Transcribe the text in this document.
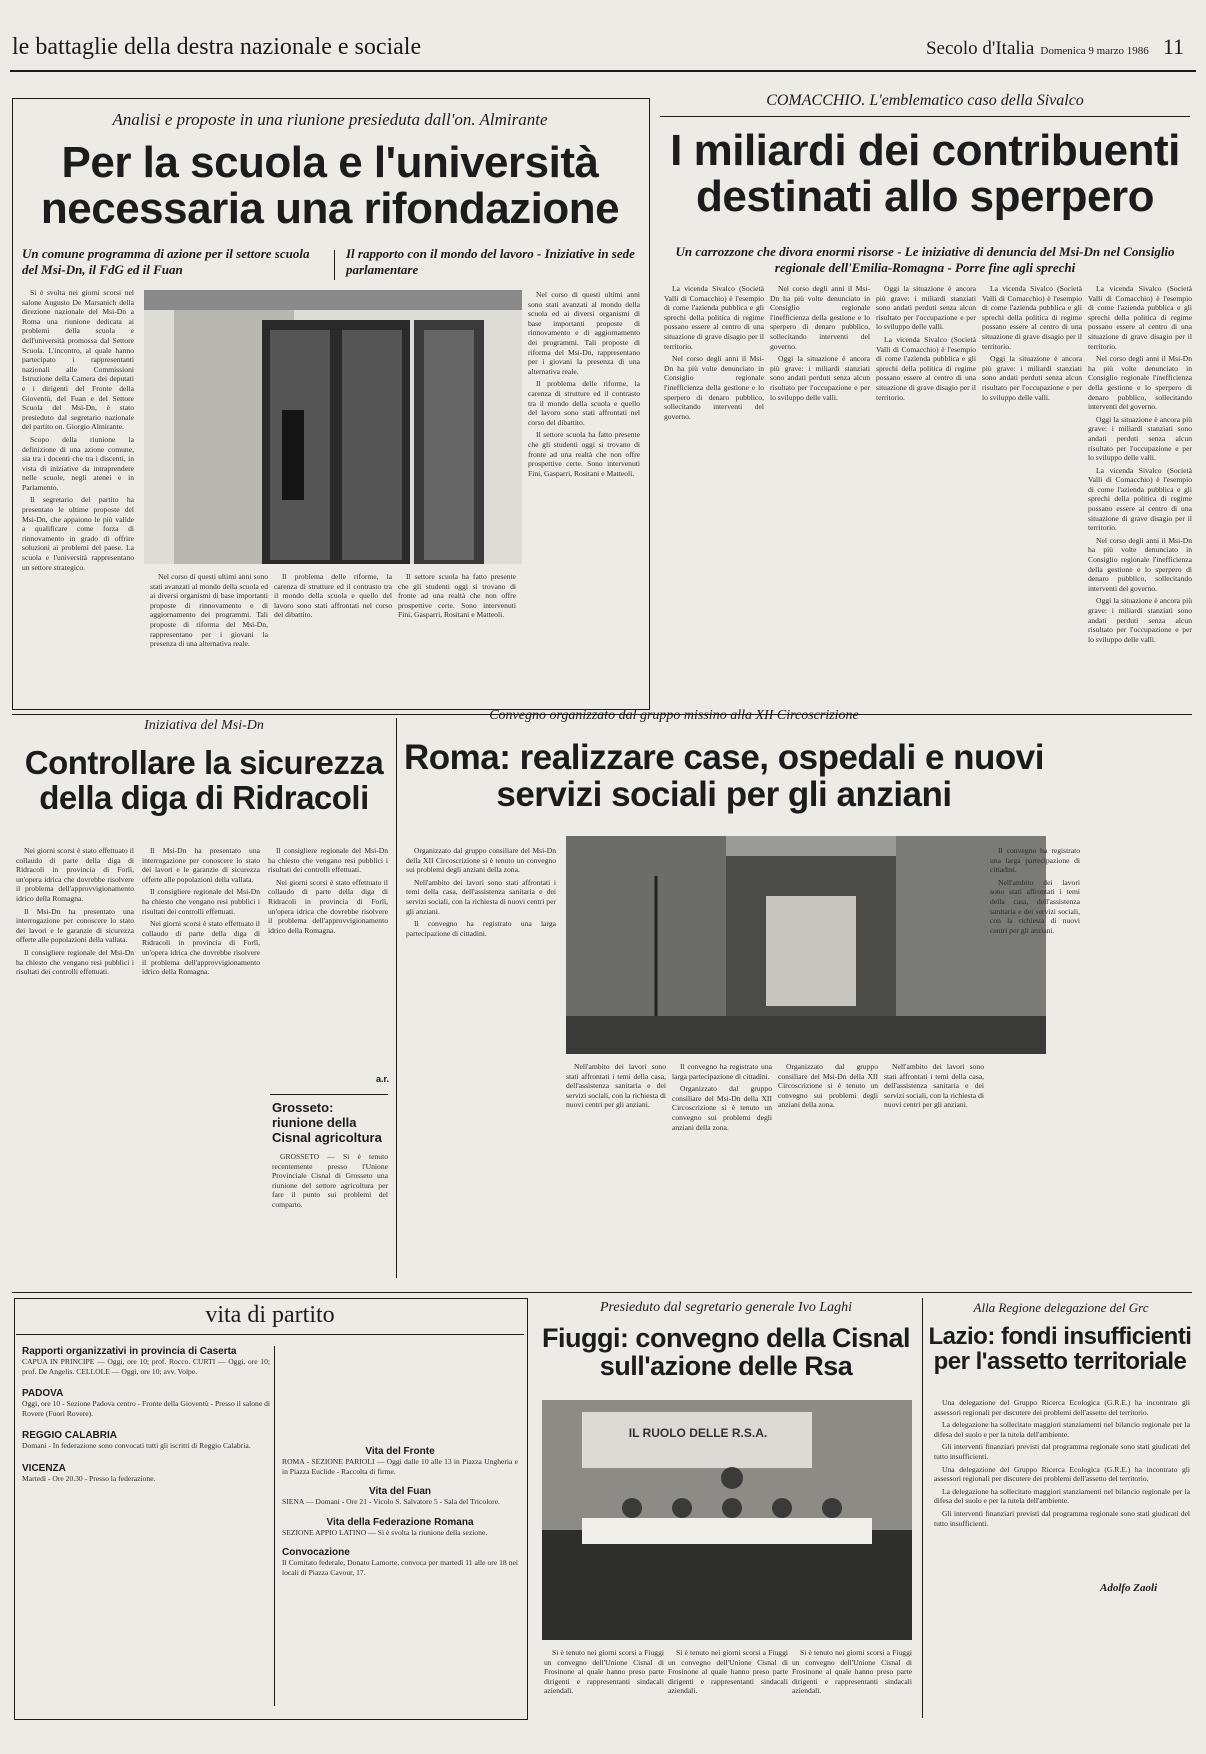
le battaglie della destra nazionale e sociale	Secolo d'Italia Domenica 9 marzo 1986 11
Analisi e proposte in una riunione presieduta dall'on. Almirante
Per la scuola e l'università necessaria una rifondazione
Un comune programma di azione per il settore scuola del Msi-Dn, il FdG ed il Fuan
Il rapporto con il mondo del lavoro - Iniziative in sede parlamentare

Si è svolta nei giorni scorsi nel salone Augusto De Marsanich della direzione nazionale del Msi-Dn a Roma una riunione dedicata ai problemi della scuola e dell'università promossa dal Settore Scuola. L'incontro, al quale hanno partecipato i rappresentanti nazionali alle Commissioni Istruzione della Camera dei deputati e i dirigenti del Fronte della Gioventù, del Fuan e del Settore Scuola del Msi-Dn, è stato presieduto dal segretario nazionale del partito on. Giorgio Almirante.

Scopo della riunione la definizione di una azione comune, sia tra i docenti che tra i discenti, in vista di iniziative da intraprendere nelle scuole, negli atenei e in Parlamento.

Il segretario del partito ha presentato le ultime proposte del Msi-Dn, che appaiono le più valide a qualificare come forza di rinnovamento in grado di offrire soluzioni ai problemi del paese. La scuola e l'università rappresentano un settore strategico.

Nel corso di questi ultimi anni sono stati avanzati al mondo della scuola ed ai diversi organismi di base importanti proposte di rinnovamento e di aggiornamento dei programmi. Tali proposte di riforma del Msi-Dn, rappresentano per i giovani la presenza di una alternativa reale.

Il problema delle riforme, la carenza di strutture ed il contrasto tra il mondo della scuola e quello del lavoro sono stati affrontati nel corso del dibattito.

Il settore scuola ha fatto presente che gli studenti oggi si trovano di fronte ad una realtà che non offre prospettive certe. Sono intervenuti Fini, Gasparri, Rositani e Matteoli.

Nel corso di questi ultimi anni sono stati avanzati al mondo della scuola ed ai diversi organismi di base importanti proposte di rinnovamento e di aggiornamento dei programmi. Tali proposte di riforma del Msi-Dn, rappresentano per i giovani la presenza di una alternativa reale.

Il problema delle riforme, la carenza di strutture ed il contrasto tra il mondo della scuola e quello del lavoro sono stati affrontati nel corso del dibattito.

Il settore scuola ha fatto presente che gli studenti oggi si trovano di fronte ad una realtà che non offre prospettive certe. Sono intervenuti Fini, Gasparri, Rositani e Matteoli.

COMACCHIO. L'emblematico caso della Sivalco
I miliardi dei contribuenti destinati allo sperpero
Un carrozzone che divora enormi risorse - Le iniziative di denuncia del Msi-Dn nel Consiglio regionale dell'Emilia-Romagna - Porre fine agli sprechi

La vicenda Sivalco (Società Valli di Comacchio) è l'esempio di come l'azienda pubblica e gli sprechi della politica di regime possano essere al centro di una situazione di grave disagio per il territorio.

Nel corso degli anni il Msi-Dn ha più volte denunciato in Consiglio regionale l'inefficienza della gestione e lo sperpero di denaro pubblico, sollecitando interventi del governo.

Nel corso degli anni il Msi-Dn ha più volte denunciato in Consiglio regionale l'inefficienza della gestione e lo sperpero di denaro pubblico, sollecitando interventi del governo.

Oggi la situazione è ancora più grave: i miliardi stanziati sono andati perduti senza alcun risultato per l'occupazione e per lo sviluppo delle valli.

Oggi la situazione è ancora più grave: i miliardi stanziati sono andati perduti senza alcun risultato per l'occupazione e per lo sviluppo delle valli.

La vicenda Sivalco (Società Valli di Comacchio) è l'esempio di come l'azienda pubblica e gli sprechi della politica di regime possano essere al centro di una situazione di grave disagio per il territorio.

La vicenda Sivalco (Società Valli di Comacchio) è l'esempio di come l'azienda pubblica e gli sprechi della politica di regime possano essere al centro di una situazione di grave disagio per il territorio.

Oggi la situazione è ancora più grave: i miliardi stanziati sono andati perduti senza alcun risultato per l'occupazione e per lo sviluppo delle valli.

La vicenda Sivalco (Società Valli di Comacchio) è l'esempio di come l'azienda pubblica e gli sprechi della politica di regime possano essere al centro di una situazione di grave disagio per il territorio.

Nel corso degli anni il Msi-Dn ha più volte denunciato in Consiglio regionale l'inefficienza della gestione e lo sperpero di denaro pubblico, sollecitando interventi del governo.

Oggi la situazione è ancora più grave: i miliardi stanziati sono andati perduti senza alcun risultato per l'occupazione e per lo sviluppo delle valli.

La vicenda Sivalco (Società Valli di Comacchio) è l'esempio di come l'azienda pubblica e gli sprechi della politica di regime possano essere al centro di una situazione di grave disagio per il territorio.

Nel corso degli anni il Msi-Dn ha più volte denunciato in Consiglio regionale l'inefficienza della gestione e lo sperpero di denaro pubblico, sollecitando interventi del governo.

Oggi la situazione è ancora più grave: i miliardi stanziati sono andati perduti senza alcun risultato per l'occupazione e per lo sviluppo delle valli.

Adolfo Zaoli
Iniziativa del Msi-Dn
Controllare la sicurezza della diga di Ridracoli

Nei giorni scorsi è stato effettuato il collaudo di parte della diga di Ridracoli in provincia di Forlì, un'opera idrica che dovrebbe risolvere il problema dell'approvvigionamento idrico della Romagna.

Il Msi-Dn ha presentato una interrogazione per conoscere lo stato dei lavori e le garanzie di sicurezza offerte alle popolazioni della vallata.

Il consigliere regionale del Msi-Dn ha chiesto che vengano resi pubblici i risultati dei controlli effettuati.

Il Msi-Dn ha presentato una interrogazione per conoscere lo stato dei lavori e le garanzie di sicurezza offerte alle popolazioni della vallata.

Il consigliere regionale del Msi-Dn ha chiesto che vengano resi pubblici i risultati dei controlli effettuati.

Nei giorni scorsi è stato effettuato il collaudo di parte della diga di Ridracoli in provincia di Forlì, un'opera idrica che dovrebbe risolvere il problema dell'approvvigionamento idrico della Romagna.

Il consigliere regionale del Msi-Dn ha chiesto che vengano resi pubblici i risultati dei controlli effettuati.

Nei giorni scorsi è stato effettuato il collaudo di parte della diga di Ridracoli in provincia di Forlì, un'opera idrica che dovrebbe risolvere il problema dell'approvvigionamento idrico della Romagna.

a.r.
Grosseto: riunione della Cisnal agricoltura

GROSSETO — Si è tenuto recentemente presso l'Unione Provinciale Cisnal di Grosseto una riunione del settore agricoltura per fare il punto sui problemi del comparto.

Convegno organizzato dal gruppo missino alla XII Circoscrizione
Roma: realizzare case, ospedali e nuovi servizi sociali per gli anziani

Organizzato dal gruppo consiliare del Msi-Dn della XII Circoscrizione si è tenuto un convegno sui problemi degli anziani della zona.

Nell'ambito dei lavori sono stati affrontati i temi della casa, dell'assistenza sanitaria e dei servizi sociali, con la richiesta di nuovi centri per gli anziani.

Il convegno ha registrato una larga partecipazione di cittadini.

Nell'ambito dei lavori sono stati affrontati i temi della casa, dell'assistenza sanitaria e dei servizi sociali, con la richiesta di nuovi centri per gli anziani.

Il convegno ha registrato una larga partecipazione di cittadini.

Organizzato dal gruppo consiliare del Msi-Dn della XII Circoscrizione si è tenuto un convegno sui problemi degli anziani della zona.

Organizzato dal gruppo consiliare del Msi-Dn della XII Circoscrizione si è tenuto un convegno sui problemi degli anziani della zona.

Nell'ambito dei lavori sono stati affrontati i temi della casa, dell'assistenza sanitaria e dei servizi sociali, con la richiesta di nuovi centri per gli anziani.

Il convegno ha registrato una larga partecipazione di cittadini.

Nell'ambito dei lavori sono stati affrontati i temi della casa, dell'assistenza sanitaria e dei servizi sociali, con la richiesta di nuovi centri per gli anziani.

vita di partito
Rapporti organizzativi in provincia di Caserta
CAPUA IN PRINCIPE — Oggi, ore 10; prof. Rocco. CURTI — Oggi, ore 10; prof. De Angelis. CELLOLE — Oggi, ore 10; avv. Volpe.
PADOVA
Oggi, ore 10 - Sezione Padova centro - Fronte della Gioventù - Presso il salone di Rovere (Fuori Rovere).
REGGIO CALABRIA
Domani - In federazione sono convocati tutti gli iscritti di Reggio Calabria.
VICENZA
Martedì - Ore 20.30 - Presso la federazione.
Vita del Fronte
ROMA - SEZIONE PARIOLI — Oggi dalle 10 alle 13 in Piazza Ungheria e in Piazza Euclide - Raccolta di firme.
Vita del Fuan
SIENA — Domani - Ore 21 - Vicolo S. Salvatore 5 - Sala del Tricolore.
Vita della Federazione Romana
SEZIONE APPIO LATINO — Si è svolta la riunione della sezione.
Convocazione
Il Comitato federale, Donato Lamorte, convoca per martedì 11 alle ore 18 nei locali di Piazza Cavour, 17.
Presieduto dal segretario generale Ivo Laghi
Fiuggi: convegno della Cisnal sull'azione delle Rsa
IL RUOLO DELLE R.S.A.

Si è tenuto nei giorni scorsi a Fiuggi un convegno dell'Unione Cisnal di Frosinone al quale hanno preso parte dirigenti e rappresentanti sindacali aziendali.

Si è tenuto nei giorni scorsi a Fiuggi un convegno dell'Unione Cisnal di Frosinone al quale hanno preso parte dirigenti e rappresentanti sindacali aziendali.

Si è tenuto nei giorni scorsi a Fiuggi un convegno dell'Unione Cisnal di Frosinone al quale hanno preso parte dirigenti e rappresentanti sindacali aziendali.

Alla Regione delegazione del Grc
Lazio: fondi insufficienti per l'assetto territoriale

Una delegazione del Gruppo Ricerca Ecologica (G.R.E.) ha incontrato gli assessori regionali per discutere dei problemi dell'assetto del territorio.

La delegazione ha sollecitato maggiori stanziamenti nel bilancio regionale per la difesa del suolo e per la tutela dell'ambiente.

Gli interventi finanziari previsti dal programma regionale sono stati giudicati del tutto insufficienti.

Una delegazione del Gruppo Ricerca Ecologica (G.R.E.) ha incontrato gli assessori regionali per discutere dei problemi dell'assetto del territorio.

La delegazione ha sollecitato maggiori stanziamenti nel bilancio regionale per la difesa del suolo e per la tutela dell'ambiente.

Gli interventi finanziari previsti dal programma regionale sono stati giudicati del tutto insufficienti.
